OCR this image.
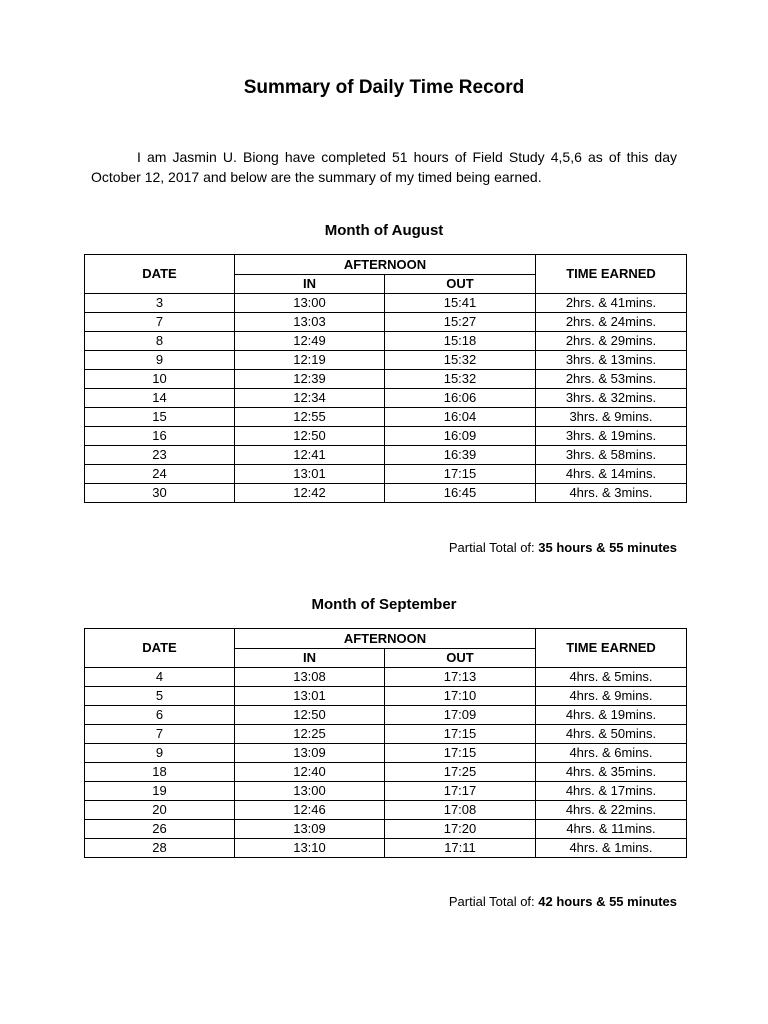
Summary of Daily Time Record

I am Jasmin U. Biong have completed 51 hours of Field Study 4,5,6 as of this day October 12, 2017 and below are the summary of my timed being earned.

Month of August
DATE	AFTERNOON		TIME EARNED
	IN	OUT	
3	13:00	15:41	2hrs. & 41mins.
7	13:03	15:27	2hrs. & 24mins.
8	12:49	15:18	2hrs. & 29mins.
9	12:19	15:32	3hrs. & 13mins.
10	12:39	15:32	2hrs. & 53mins.
14	12:34	16:06	3hrs. & 32mins.
15	12:55	16:04	3hrs. & 9mins.
16	12:50	16:09	3hrs. & 19mins.
23	12:41	16:39	3hrs. & 58mins.
24	13:01	17:15	4hrs. & 14mins.
30	12:42	16:45	4hrs. & 3mins.

Partial Total of: 35 hours & 55 minutes

Month of September
DATE	AFTERNOON		TIME EARNED
	IN	OUT	
4	13:08	17:13	4hrs. & 5mins.
5	13:01	17:10	4hrs. & 9mins.
6	12:50	17:09	4hrs. & 19mins.
7	12:25	17:15	4hrs. & 50mins.
9	13:09	17:15	4hrs. & 6mins.
18	12:40	17:25	4hrs. & 35mins.
19	13:00	17:17	4hrs. & 17mins.
20	12:46	17:08	4hrs. & 22mins.
26	13:09	17:20	4hrs. & 11mins.
28	13:10	17:11	4hrs. & 1mins.

Partial Total of: 42 hours & 55 minutes
